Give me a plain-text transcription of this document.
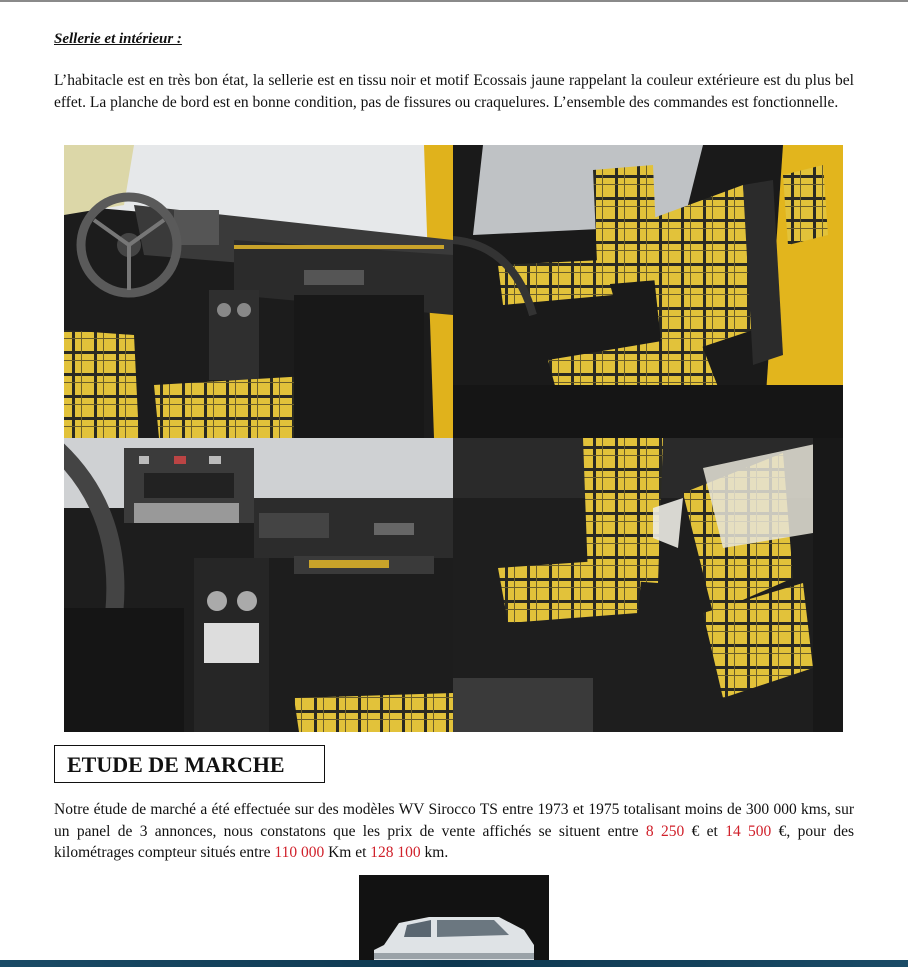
Sellerie et intérieur :

L’habitacle est en très bon état, la sellerie est en tissu noir et motif Ecossais jaune rappelant la couleur extérieure est du plus bel effet. La planche de bord est en bonne condition, pas de fissures ou craquelures. L’ensemble des commandes est fonctionnelle.

ETUDE DE MARCHE

Notre étude de marché a été effectuée sur des modèles WV Sirocco TS entre 1973 et 1975 totalisant moins de 300 000 kms, sur un panel de 3 annonces, nous constatons que les prix de vente affichés se situent entre 8 250 € et 14 500 €, pour des kilométrages compteur situés entre 110 000 Km et 128 100 km.
